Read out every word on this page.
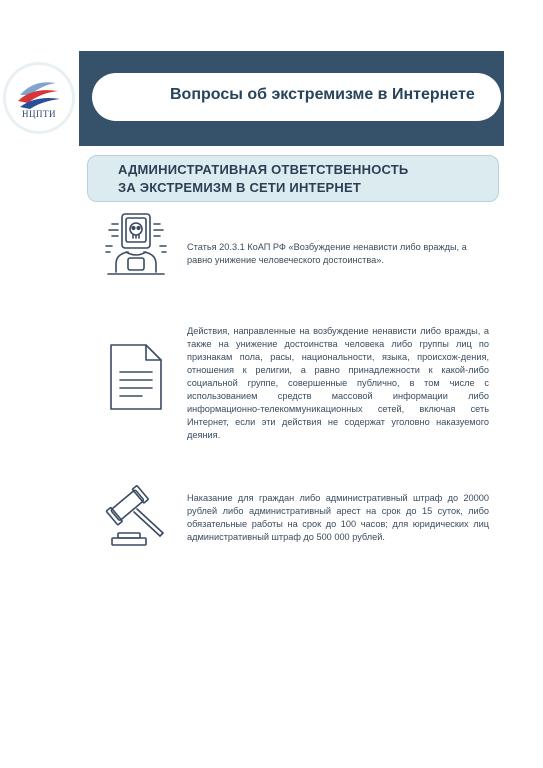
НЦПТИ
Вопросы об экстремизме в Интернете
АДМИНИСТРАТИВНАЯ ОТВЕТСТВЕННОСТЬ
ЗА ЭКСТРЕМИЗМ В СЕТИ ИНТЕРНЕТ
Статья 20.3.1 КоАП РФ «Возбуждение ненависти либо вражды, а равно унижение человеческого достоинства».
Действия, направленные на возбуждение ненависти либо вражды, а также на унижение достоинства человека либо группы лиц по признакам пола, расы, национальности, языка, происхож-дения, отношения к религии, а равно принадлежности к какой-либо социальной группе, совершенные публично, в том числе с использованием средств массовой информации либо информационно-телекоммуникационных сетей, включая сеть Интернет, если эти действия не содержат уголовно наказуемого деяния.
Наказание для граждан либо административный штраф до 20000 рублей либо административный арест на срок до 15 суток, либо обязательные работы на срок до 100 часов; для юридических лиц административный штраф до 500 000 рублей.
